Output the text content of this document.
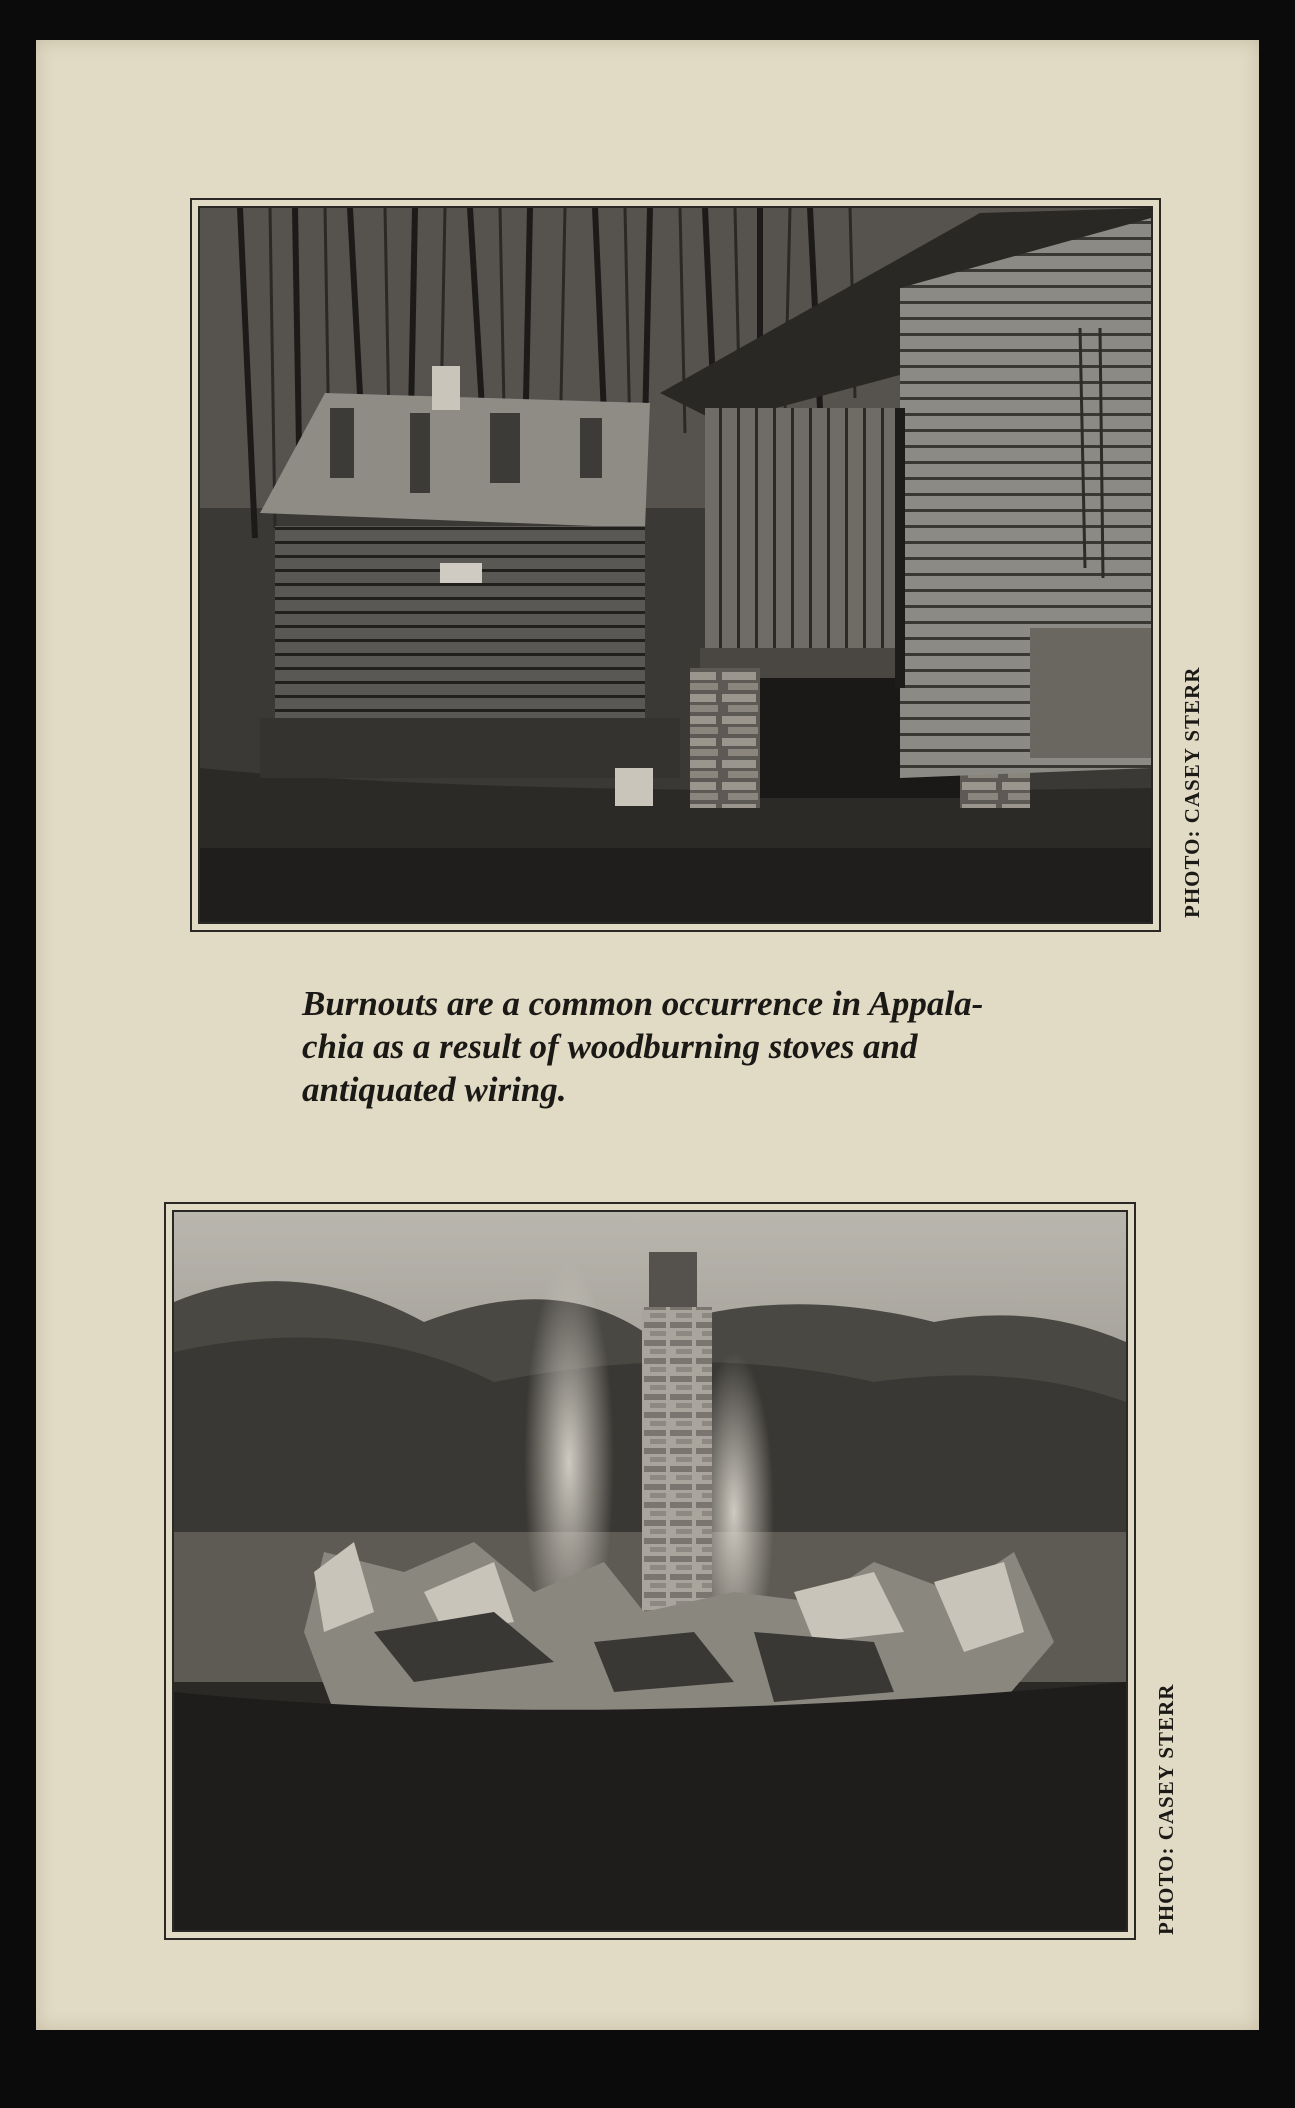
PHOTO: CASEY STERR

Burnouts are a common occurrence in Appala-
chia as a result of woodburning stoves and
antiquated wiring.

PHOTO: CASEY STERR
